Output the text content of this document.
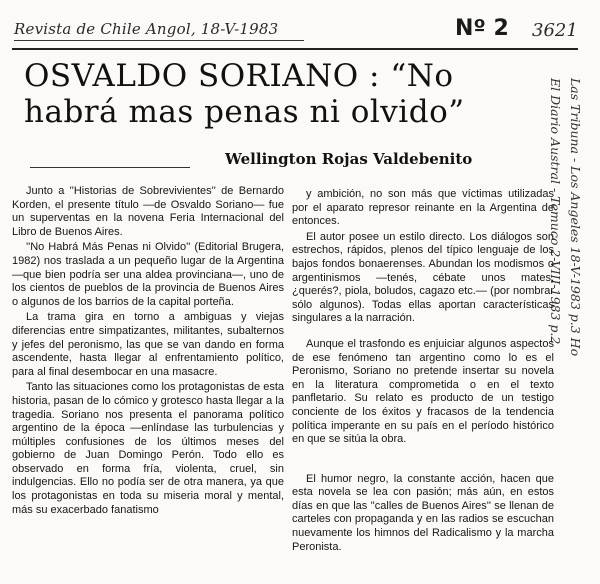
Revista de Chile Angol, 18-V-1983	Nº 2 3621
OSVALDO SORIANO : “No habrá mas penas ni olvido”
Wellington Rojas Valdebenito
Las Tribuna - Los Angeles 18-V-1983 p.3 Ho
El Diario Austral - Temuco 2-VIII-1983 p.2

Junto a ''Historias de Sobrevivientes'' de Bernardo Korden, el presente título —de Osvaldo Soriano— fue un superventas en la novena Feria Internacional del Libro de Buenos Aires.

''No Habrá Más Penas ni Olvido'' (Editorial Brugera, 1982) nos traslada a un pequeño lugar de la Argentina —que bien podría ser una aldea provinciana—, uno de los cientos de pueblos de la provincia de Buenos Aires o algunos de los barrios de la capital porteña.

La trama gira en torno a ambiguas y viejas diferencias entre simpatizantes, militantes, subalternos y jefes del peronismo, las que se van dando en forma ascendente, hasta llegar al enfrentamiento político, para al final desembocar en una masacre.

Tanto las situaciones como los protagonistas de esta historia, pasan de lo cómico y grotesco hasta llegar a la tragedia. Soriano nos presenta el panorama político argentino de la época —enlíndase las turbulencias y múltiples confusiones de los últimos meses del gobierno de Juan Domingo Perón. Todo ello es observado en forma fría, violenta, cruel, sin indulgencias. Ello no podía ser de otra manera, ya que los protagonistas en toda su miseria moral y mental, más su exacerbado fanatismo

y ambición, no son más que víctimas utilizadas por el aparato represor reinante en la Argentina de entonces.

El autor posee un estilo directo. Los diálogos son estrechos, rápidos, plenos del típico lenguaje de los bajos fondos bonaerenses. Abundan los modismos o argentinismos —tenés, cébate unos mates, ¿querés?, piola, boludos, cagazo etc.— (por nombrar sólo algunos). Todas ellas aportan características singulares a la narración.

Aunque el trasfondo es enjuiciar algunos aspectos de ese fenómeno tan argentino como lo es el Peronismo, Soriano no pretende insertar su novela en la literatura comprometida o en el texto panfletario. Su relato es producto de un testigo conciente de los éxitos y fracasos de la tendencia política imperante en su país en el período histórico en que se sitúa la obra.

El humor negro, la constante acción, hacen que esta novela se lea con pasión; más aún, en estos días en que las ''calles de Buenos Aires'' se llenan de carteles con propaganda y en las radios se escuchan nuevamente los himnos del Radicalismo y la marcha Peronista.
